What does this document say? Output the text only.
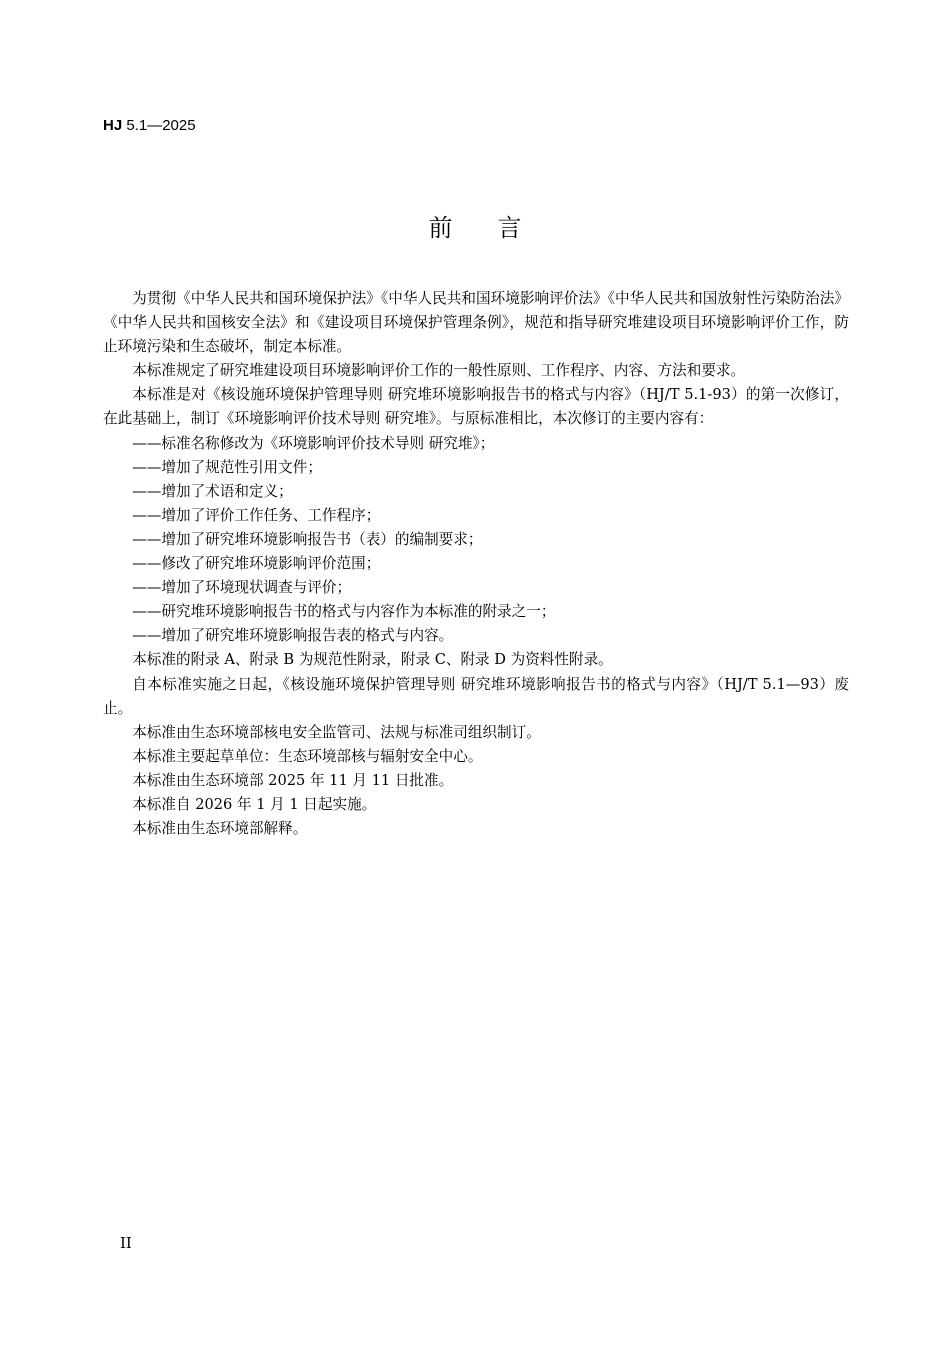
HJ 5.1—2025
前言

为贯彻《中华人民共和国环境保护法》《中华人民共和国环境影响评价法》《中华人民共和国放射性污染防治法》《中华人民共和国核安全法》和《建设项目环境保护管理条例》，规范和指导研究堆建设项目环境影响评价工作，防止环境污染和生态破坏，制定本标准。

本标准规定了研究堆建设项目环境影响评价工作的一般性原则、工作程序、内容、方法和要求。

本标准是对《核设施环境保护管理导则 研究堆环境影响报告书的格式与内容》（HJ/T 5.1-93）的第一次修订，在此基础上，制订《环境影响评价技术导则 研究堆》。与原标准相比，本次修订的主要内容有：

——标准名称修改为《环境影响评价技术导则 研究堆》；

——增加了规范性引用文件；

——增加了术语和定义；

——增加了评价工作任务、工作程序；

——增加了研究堆环境影响报告书（表）的编制要求；

——修改了研究堆环境影响评价范围；

——增加了环境现状调查与评价；

——研究堆环境影响报告书的格式与内容作为本标准的附录之一；

——增加了研究堆环境影响报告表的格式与内容。

本标准的附录 A、附录 B 为规范性附录，附录 C、附录 D 为资料性附录。

自本标准实施之日起，《核设施环境保护管理导则 研究堆环境影响报告书的格式与内容》（HJ/T 5.1—93）废止。

本标准由生态环境部核电安全监管司、法规与标准司组织制订。

本标准主要起草单位：生态环境部核与辐射安全中心。

本标准由生态环境部 2025 年 11 月 11 日批准。

本标准自 2026 年 1 月 1 日起实施。

本标准由生态环境部解释。

II
